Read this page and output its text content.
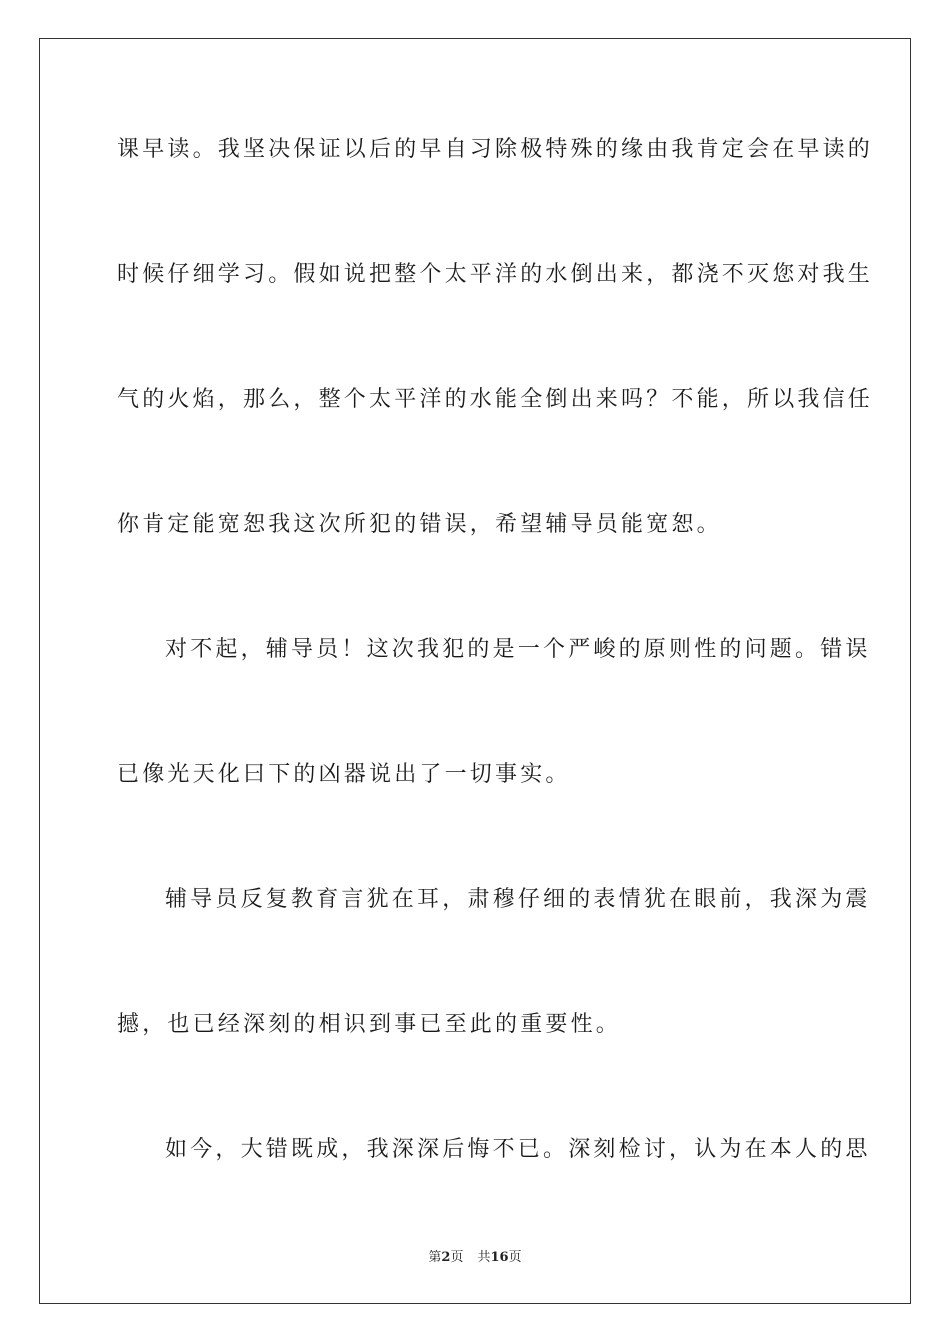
课早读。我坚决保证以后的早自习除极特殊的缘由我肯定会在早读的

时候仔细学习。假如说把整个太平洋的水倒出来，都浇不灭您对我生

气的火焰，那么，整个太平洋的水能全倒出来吗？不能，所以我信任

你肯定能宽恕我这次所犯的错误，希望辅导员能宽恕。

对不起，辅导员！这次我犯的是一个严峻的原则性的问题。错误

已像光天化曰下的凶器说出了一切事实。

辅导员反复教育言犹在耳，肃穆仔细的表情犹在眼前，我深为震

撼，也已经深刻的相识到事已至此的重要性。

如今，大错既成，我深深后悔不已。深刻检讨，认为在本人的思

第2页 共16页
